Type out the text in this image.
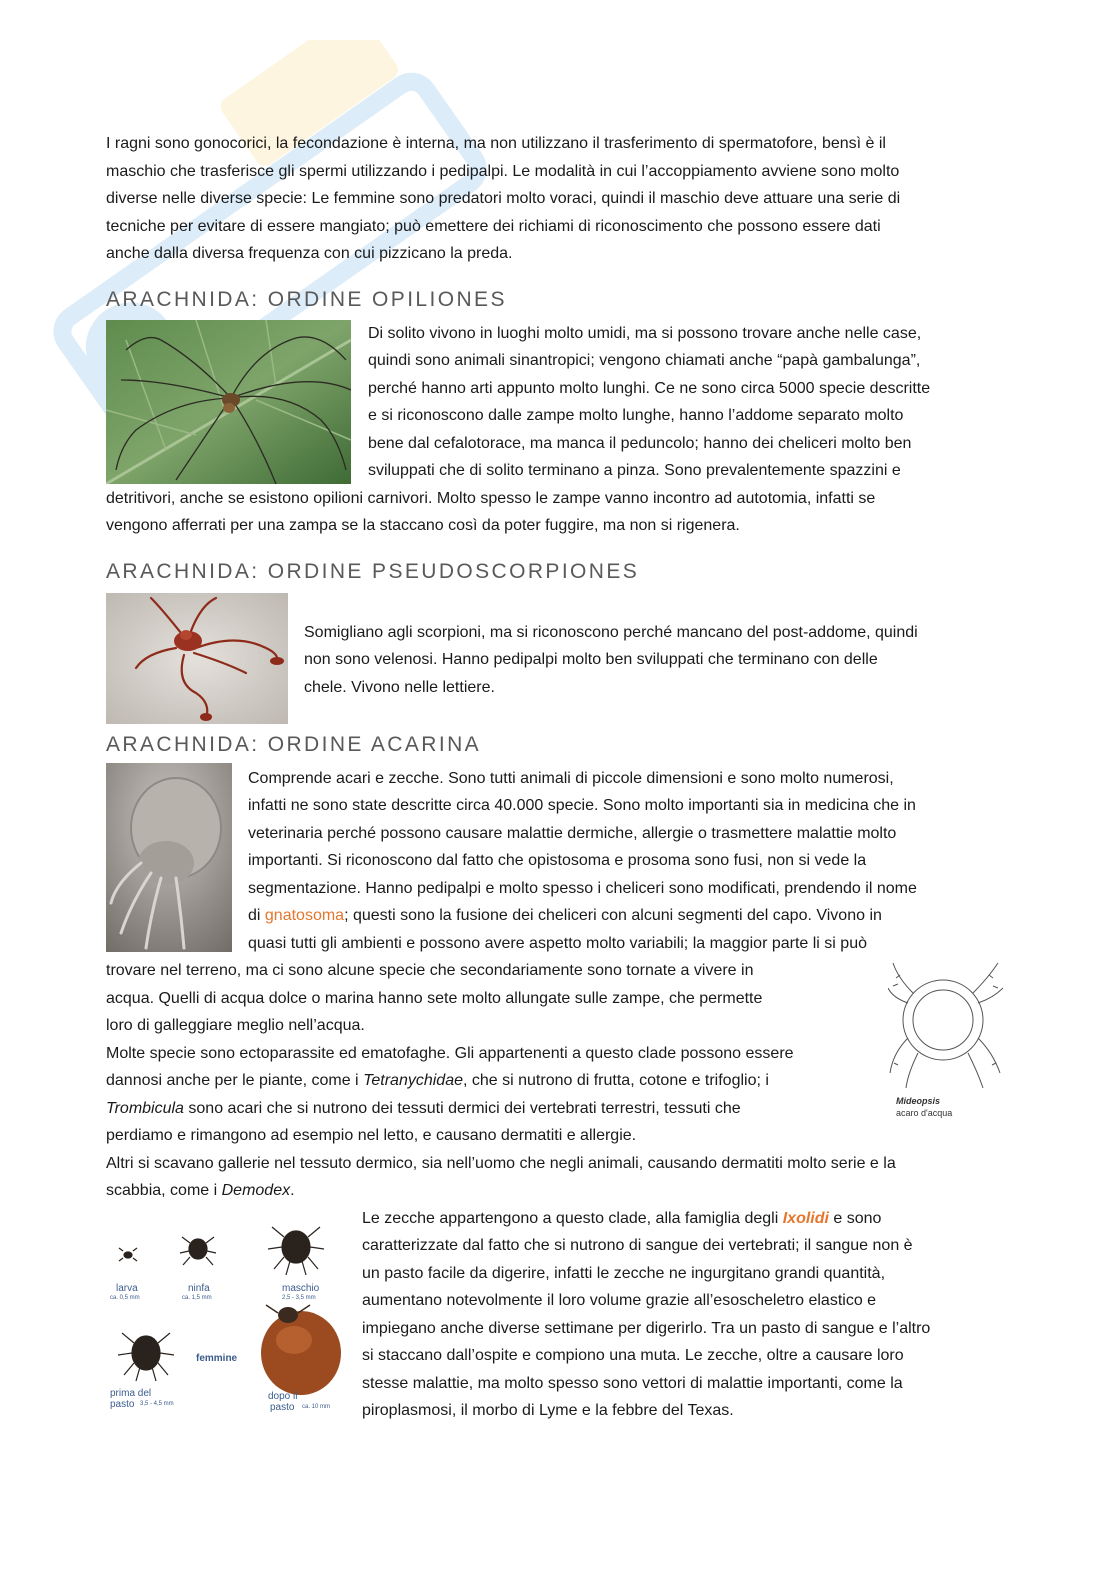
I ragni sono gonocorici, la fecondazione è interna, ma non utilizzano il trasferimento di spermatofore, bensì è il

maschio che trasferisce gli spermi utilizzando i pedipalpi. Le modalità in cui l’accoppiamento avviene sono molto

diverse nelle diverse specie: Le femmine sono predatori molto voraci, quindi il maschio deve attuare una serie di

tecniche per evitare di essere mangiato; può emettere dei richiami di riconoscimento che possono essere dati

anche dalla diversa frequenza con cui pizzicano la preda.

ARACHNIDA: ORDINE OPILIONES

Di solito vivono in luoghi molto umidi, ma si possono trovare anche nelle case,

quindi sono animali sinantropici; vengono chiamati anche “papà gambalunga”,

perché hanno arti appunto molto lunghi. Ce ne sono circa 5000 specie descritte

e si riconoscono dalle zampe molto lunghe, hanno l’addome separato molto

bene dal cefalotorace, ma manca il peduncolo; hanno dei cheliceri molto ben

sviluppati che di solito terminano a pinza. Sono prevalentemente spazzini e

detritivori, anche se esistono opilioni carnivori. Molto spesso le zampe vanno incontro ad autotomia, infatti se

vengono afferrati per una zampa se la staccano così da poter fuggire, ma non si rigenera.

ARACHNIDA: ORDINE PSEUDOSCORPIONES

Somigliano agli scorpioni, ma si riconoscono perché mancano del post-addome, quindi

non sono velenosi. Hanno pedipalpi molto ben sviluppati che terminano con delle

chele. Vivono nelle lettiere.

ARACHNIDA: ORDINE ACARINA

Comprende acari e zecche. Sono tutti animali di piccole dimensioni e sono molto numerosi,

infatti ne sono state descritte circa 40.000 specie. Sono molto importanti sia in medicina che in

veterinaria perché possono causare malattie dermiche, allergie o trasmettere malattie molto

importanti. Si riconoscono dal fatto che opistosoma e prosoma sono fusi, non si vede la

segmentazione. Hanno pedipalpi e molto spesso i cheliceri sono modificati, prendendo il nome

di gnatosoma; questi sono la fusione dei cheliceri con alcuni segmenti del capo. Vivono in

quasi tutti gli ambienti e possono avere aspetto molto variabili; la maggior parte li si può

trovare nel terreno, ma ci sono alcune specie che secondariamente sono tornate a vivere in

acqua. Quelli di acqua dolce o marina hanno sete molto allungate sulle zampe, che permette

loro di galleggiare meglio nell’acqua.

Molte specie sono ectoparassite ed ematofaghe. Gli appartenenti a questo clade possono essere

dannosi anche per le piante, come i Tetranychidae, che si nutrono di frutta, cotone e trifoglio; i

Trombicula sono acari che si nutrono dei tessuti dermici dei vertebrati terrestri, tessuti che

perdiamo e rimangono ad esempio nel letto, e causano dermatiti e allergie.

Altri si scavano gallerie nel tessuto dermico, sia nell’uomo che negli animali, causando dermatiti molto serie e la

scabbia, come i Demodex.

Mideopsis
acaro d'acqua
larva
ca. 0,5 mm
ninfa
ca. 1,5 mm
maschio
2,5 - 3,5 mm
femmine
prima del
pasto 3,5 - 4,5 mm
dopo il
pasto ca. 10 mm

Le zecche appartengono a questo clade, alla famiglia degli Ixolidi e sono

caratterizzate dal fatto che si nutrono di sangue dei vertebrati; il sangue non è

un pasto facile da digerire, infatti le zecche ne ingurgitano grandi quantità,

aumentano notevolmente il loro volume grazie all’esoscheletro elastico e

impiegano anche diverse settimane per digerirlo. Tra un pasto di sangue e l’altro

si staccano dall’ospite e compiono una muta. Le zecche, oltre a causare loro

stesse malattie, ma molto spesso sono vettori di malattie importanti, come la

piroplasmosi, il morbo di Lyme e la febbre del Texas.
